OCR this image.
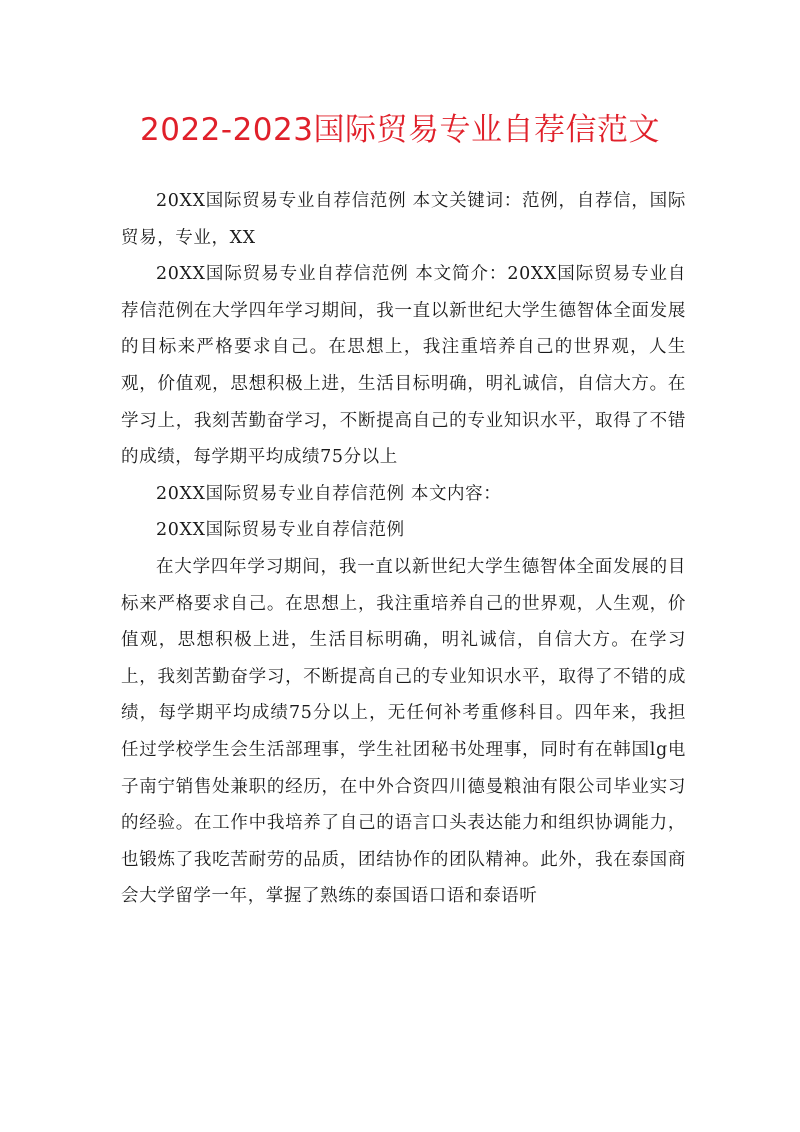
2022-2023国际贸易专业自荐信范文

20XX国际贸易专业自荐信范例 本文关键词：范例，自荐信，国际贸易，专业，XX

20XX国际贸易专业自荐信范例 本文简介：20XX国际贸易专业自荐信范例在大学四年学习期间，我一直以新世纪大学生德智体全面发展的目标来严格要求自己。在思想上，我注重培养自己的世界观，人生观，价值观，思想积极上进，生活目标明确，明礼诚信，自信大方。在学习上，我刻苦勤奋学习，不断提高自己的专业知识水平，取得了不错的成绩，每学期平均成绩75分以上

20XX国际贸易专业自荐信范例 本文内容：

20XX国际贸易专业自荐信范例

在大学四年学习期间，我一直以新世纪大学生德智体全面发展的目标来严格要求自己。在思想上，我注重培养自己的世界观，人生观，价值观，思想积极上进，生活目标明确，明礼诚信，自信大方。在学习上，我刻苦勤奋学习，不断提高自己的专业知识水平，取得了不错的成绩，每学期平均成绩75分以上，无任何补考重修科目。四年来，我担任过学校学生会生活部理事，学生社团秘书处理事，同时有在韩国lg电子南宁销售处兼职的经历，在中外合资四川德曼粮油有限公司毕业实习的经验。在工作中我培养了自己的语言口头表达能力和组织协调能力，也锻炼了我吃苦耐劳的品质，团结协作的团队精神。此外，我在泰国商会大学留学一年，掌握了熟练的泰国语口语和泰语听
